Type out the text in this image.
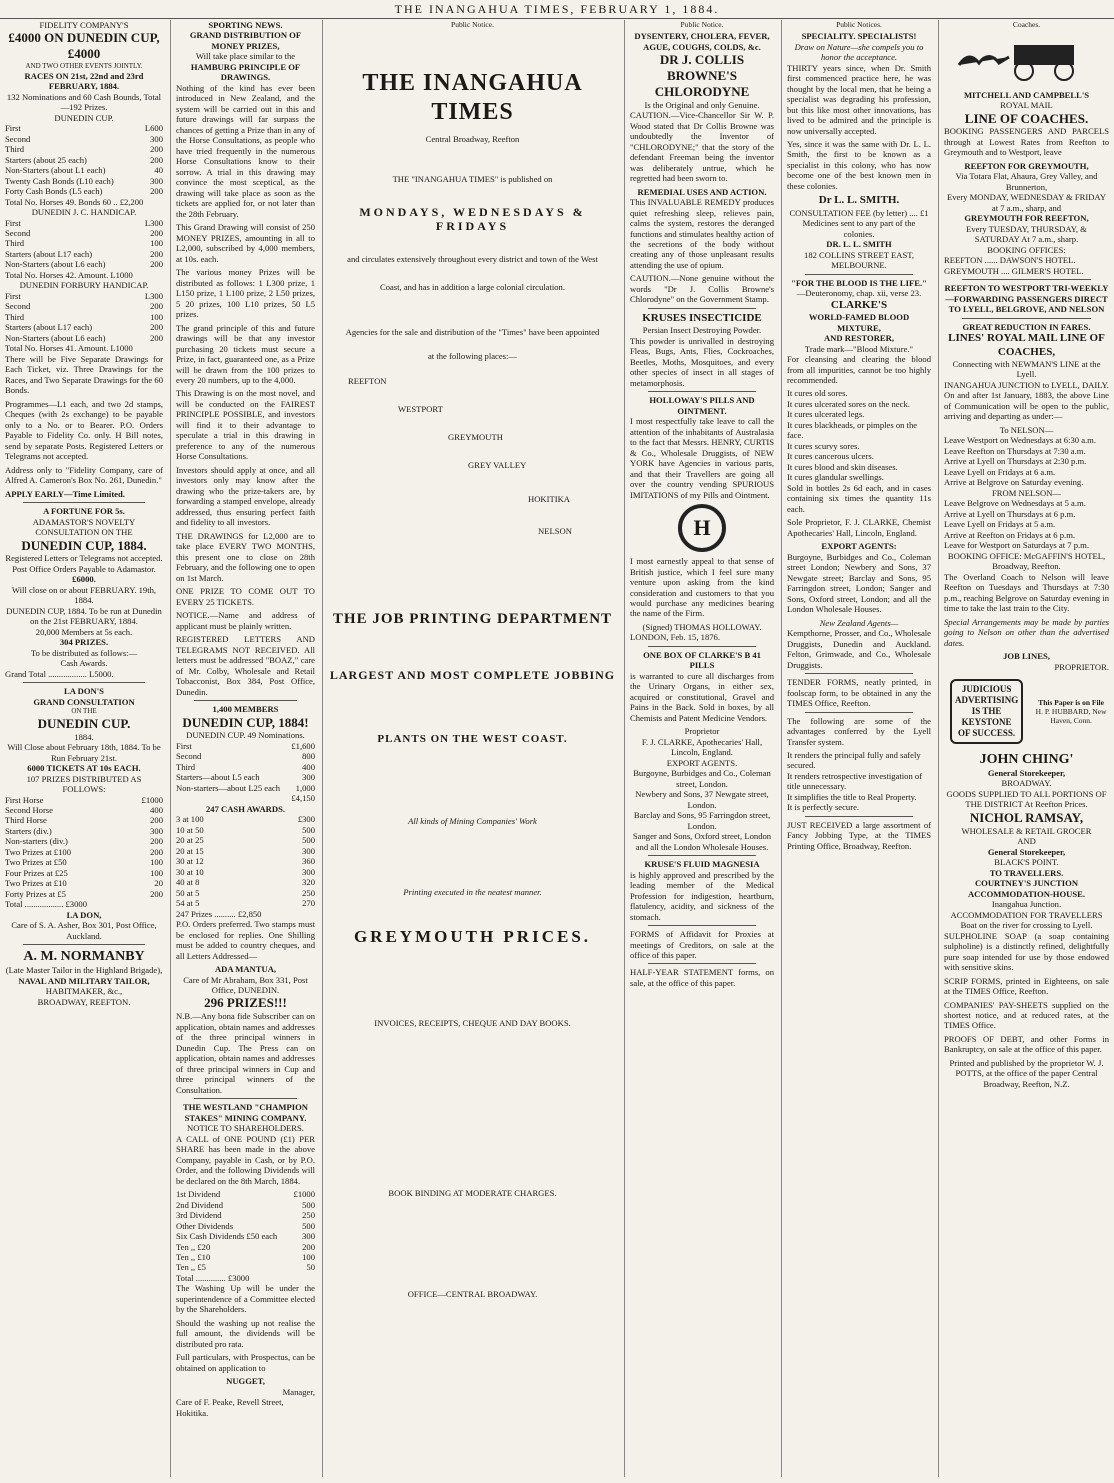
THE INANGAHUA TIMES, FEBRUARY 1, 1884.
FIDELITY COMPANY'S
£4000 ON DUNEDIN CUP, £4000
AND TWO OTHER EVENTS JOINTLY.
RACES ON 21st, 22nd and 23rd FEBRUARY, 1884.
132 Nominations and 60 Cash Bounds, Total—192 Prizes.
DUNEDIN CUP.
First	L600
Second	300
Third	200
Starters (about 25 each)	200
Non-Starters (about L1 each)	40
Twenty Cash Bonds (L10 each)	300
Forty Cash Bonds (L5 each)	200
Total No. Horses 49. Bonds 60 .. £2,200
DUNEDIN J. C. HANDICAP.
First	L300
Second	200
Third	100
Starters (about L17 each)	200
Non-Starters (about L6 each)	200
Total No. Horses 42. Amount. L1000
DUNEDIN FORBURY HANDICAP.
First	L300
Second	200
Third	100
Starters (about L17 each)	200
Non-Starters (about L6 each)	200
Total No. Horses 41. Amount. L1000

There will be Five Separate Drawings for Each Ticket, viz. Three Drawings for the Races, and Two Separate Drawings for the 60 Bonds.

Programmes—L1 each, and two 2d stamps, Cheques (with 2s exchange) to be payable only to a No. or to Bearer. P.O. Orders Payable to Fidelity Co. only. H Bill notes, send by separate Posts. Registered Letters or Telegrams not accepted.

Address only to "Fidelity Company, care of Alfred A. Cameron's Box No. 261, Dunedin."

APPLY EARLY—Time Limited.
A FORTUNE FOR 5s.
ADAMASTOR'S NOVELTY CONSULTATION ON THE
DUNEDIN CUP, 1884.
Registered Letters or Telegrams not accepted.
Post Office Orders Payable to Adamastor.
£6000.
Will close on or about FEBRUARY. 19th, 1884.
DUNEDIN CUP, 1884. To be run at Dunedin on the 21st FEBRUARY, 1884.
20,000 Members at 5s each.
304 PRIZES.
To be distributed as follows:—
Cash Awards.
Grand Total .................. L5000.
LA DON'S
GRAND CONSULTATION
ON THE
DUNEDIN CUP.
1884.
Will Close about February 18th, 1884. To be Run February 21st.
6000 TICKETS AT 10s EACH.
107 PRIZES DISTRIBUTED AS FOLLOWS:
First Horse	£1000
Second Horse	400
Third Horse	200
Starters (div.)	300
Non-starters (div.)	200
Two Prizes at £100	200
Two Prizes at £50	100
Four Prizes at £25	100
Two Prizes at £10	20
Forty Prizes at £5	200
Total .................. £3000
LA DON,
Care of S. A. Asher, Box 301, Post Office, Auckland.
A. M. NORMANBY
(Late Master Tailor in the Highland Brigade),
NAVAL AND MILITARY TAILOR,
HABITMAKER, &c.,
BROADWAY, REEFTON.
SPORTING NEWS.
GRAND DISTRIBUTION OF MONEY PRIZES,
Will take place similar to the
HAMBURG PRINCIPLE OF DRAWINGS.

Nothing of the kind has ever been introduced in New Zealand, and the system will be carried out in this and future drawings will far surpass the chances of getting a Prize than in any of the Horse Consultations, as people who have tried frequently in the numerous Horse Consultations know to their sorrow. A trial in this drawing may convince the most sceptical, as the drawing will take place as soon as the tickets are applied for, or not later than the 28th February.

This Grand Drawing will consist of 250 MONEY PRIZES, amounting in all to L2,000, subscribed by 4,000 members, at 10s. each.

The various money Prizes will be distributed as follows: 1 L300 prize, 1 L150 prize, 1 L100 prize, 2 L50 prizes, 5 20 prizes, 100 L10 prizes, 50 L5 prizes.

The grand principle of this and future drawings will be that any investor purchasing 20 tickets must secure a Prize, in fact, guaranteed one, as a Prize will be drawn from the 100 prizes to every 20 numbers, up to the 4,000.

This Drawing is on the most novel, and will be conducted on the FAIREST PRINCIPLE POSSIBLE, and investors will find it to their advantage to speculate a trial in this drawing in preference to any of the numerous Horse Consultations.

Investors should apply at once, and all investors only may know after the drawing who the prize-takers are, by forwarding a stamped envelope, already addressed, thus ensuring perfect faith and fidelity to all investors.

THE DRAWINGS for L2,000 are to take place EVERY TWO MONTHS, this present one to close on 28th February, and the following one to open on 1st March.

ONE PRIZE TO COME OUT TO EVERY 25 TICKETS.

NOTICE.—Name and address of applicant must be plainly written.

REGISTERED LETTERS AND TELEGRAMS NOT RECEIVED. All letters must be addressed "BOAZ," care of Mr. Colby, Wholesale and Retail Tobacconist, Box 384, Post Office, Dunedin.

1,400 MEMBERS
DUNEDIN CUP, 1884!
DUNEDIN CUP. 49 Nominations.
First	£1,600
Second	800
Third	400
Starters—about L5 each	300
Non-starters—about L25 each 1,000
£4,150
247 CASH AWARDS.
3 at 100	£300
10 at 50	500
20 at 25	500
20 at 15	300
30 at 12	360
30 at 10	300
40 at 8	320
50 at 5	250
54 at 5	270
247 Prizes .......... £2,850

P.O. Orders preferred. Two stamps must be enclosed for replies. One Shilling must be added to country cheques, and all Letters Addressed—

ADA MANTUA,
Care of Mr Abraham, Box 331, Post Office, DUNEDIN.
296 PRIZES!!!

N.B.—Any bona fide Subscriber can on application, obtain names and addresses of the three principal winners in Dunedin Cup. The Press can on application, obtain names and addresses of three principal winners in Cup and three principal winners of the Consultation.

THE WESTLAND "CHAMPION STAKES" MINING COMPANY.
NOTICE TO SHAREHOLDERS.

A CALL of ONE POUND (£1) PER SHARE has been made in the above Company, payable in Cash, or by P.O. Order, and the following Dividends will be declared on the 8th March, 1884.

1st Dividend	£1000
2nd Dividend	500
3rd Dividend	250
Other Dividends	500
Six Cash Dividends £50 each	300
Ten ,, £20	200
Ten ,, £10	100
Ten ,, £5	50
Total .............. £3000

The Washing Up will be under the superintendence of a Committee elected by the Shareholders.

Should the washing up not realise the full amount, the dividends will be distributed pro rata.

Full particulars, with Prospectus, can be obtained on application to

NUGGET,
Manager,
Care of F. Peake, Revell Street, Hokitika.
Public Notice.
THE INANGAHUA TIMES
Central Broadway, Reefton
THE "INANGAHUA TIMES" is published on
MONDAYS, WEDNESDAYS & FRIDAYS
and circulates extensively throughout every district and town of the West
Coast, and has in addition a large colonial circulation.
Agencies for the sale and distribution of the "Times" have been appointed
at the following places:—
REEFTON
WESTPORT
GREYMOUTH
GREY VALLEY
HOKITIKA
NELSON
THE JOB PRINTING DEPARTMENT
LARGEST AND MOST COMPLETE JOBBING
PLANTS ON THE WEST COAST.
All kinds of Mining Companies' Work
Printing executed in the neatest manner.
GREYMOUTH PRICES.
INVOICES, RECEIPTS, CHEQUE AND DAY BOOKS.
BOOK BINDING AT MODERATE CHARGES.
OFFICE—CENTRAL BROADWAY.
Public Notice.
DYSENTERY, CHOLERA, FEVER, AGUE, COUGHS, COLDS, &c.
DR J. COLLIS BROWNE'S CHLORODYNE
Is the Original and only Genuine.

CAUTION.—Vice-Chancellor Sir W. P. Wood stated that Dr Collis Browne was undoubtedly the Inventor of "CHLORODYNE;" that the story of the defendant Freeman being the inventor was deliberately untrue, which he regretted had been sworn to.

REMEDIAL USES AND ACTION.

This INVALUABLE REMEDY produces quiet refreshing sleep, relieves pain, calms the system, restores the deranged functions and stimulates healthy action of the secretions of the body without creating any of those unpleasant results attending the use of opium.

CAUTION.—None genuine without the words "Dr J. Collis Browne's Chlorodyne" on the Government Stamp.

KRUSES INSECTICIDE
Persian Insect Destroying Powder.

This powder is unrivalled in destroying Fleas, Bugs, Ants, Flies, Cockroaches, Beetles, Moths, Mosquitoes, and every other species of insect in all stages of metamorphosis.

HOLLOWAY'S PILLS AND OINTMENT.

I most respectfully take leave to call the attention of the inhabitants of Australasia to the fact that Messrs. HENRY, CURTIS & Co., Wholesale Druggists, of NEW YORK have Agencies in various parts, and that their Travellers are going all over the country vending SPURIOUS IMITATIONS of my Pills and Ointment.

H

I most earnestly appeal to that sense of British justice, which I feel sure many venture upon asking from the kind consideration and customers to that you would purchase any medicines bearing the name of the Firm.

(Signed) THOMAS HOLLOWAY.
LONDON, Feb. 15, 1876.
ONE BOX OF CLARKE'S B 41 PILLS

is warranted to cure all discharges from the Urinary Organs, in either sex, acquired or constitutional, Gravel and Pains in the Back. Sold in boxes, by all Chemists and Patent Medicine Vendors.

Proprietor
F. J. CLARKE, Apothecaries' Hall, Lincoln, England.
EXPORT AGENTS.
Burgoyne, Burbidges and Co., Coleman street, London.
Newbery and Sons, 37 Newgate street, London.
Barclay and Sons, 95 Farringdon street, London.
Sanger and Sons, Oxford street, London and all the London Wholesale Houses.
KRUSE'S FLUID MAGNESIA

is highly approved and prescribed by the leading member of the Medical Profession for indigestion, heartburn, flatulency, acidity, and sickness of the stomach.

FORMS of Affidavit for Proxies at meetings of Creditors, on sale at the office of this paper.

HALF-YEAR STATEMENT forms, on sale, at the office of this paper.

Public Notices.
SPECIALITY. SPECIALISTS!
Draw on Nature—she compels you to honor the acceptance.

THIRTY years since, when Dr. Smith first commenced practice here, he was thought by the local men, that he being a specialist was degrading his profession, but this like most other innovations, has lived to be admired and the principle is now universally accepted.

Yes, since it was the same with Dr. L. L. Smith, the first to be known as a specialist in this colony, who has now become one of the best known men in these colonies.

Dr L. L. SMITH.
CONSULTATION FEE (by letter) .... £1
Medicines sent to any part of the colonies.
DR. L. L. SMITH
182 COLLINS STREET EAST, MELBOURNE.
"FOR THE BLOOD IS THE LIFE."
—Deuteronomy, chap. xii, verse 23.
CLARKE'S
WORLD-FAMED BLOOD MIXTURE,
AND RESTORER,
Trade mark—"Blood Mixture."

For cleansing and clearing the blood from all impurities, cannot be too highly recommended.

It cures old sores.
It cures ulcerated sores on the neck.
It cures ulcerated legs.
It cures blackheads, or pimples on the face.
It cures scurvy sores.
It cures cancerous ulcers.
It cures blood and skin diseases.
It cures glandular swellings.

Sold in bottles 2s 6d each, and in cases containing six times the quantity 11s each.

Sole Proprietor, F. J. CLARKE, Chemist Apothecaries' Hall, Lincoln, England.

EXPORT AGENTS:

Burgoyne, Burbidges and Co., Coleman street London; Newbery and Sons, 37 Newgate street; Barclay and Sons, 95 Farringdon street, London; Sanger and Sons, Oxford street, London; and all the London Wholesale Houses.

New Zealand Agents—

Kempthorne, Prosser, and Co., Wholesale Druggists, Dunedin and Auckland. Felton, Grimwade, and Co., Wholesale Druggists.

TENDER FORMS, neatly printed, in foolscap form, to be obtained in any the TIMES Office, Reefton.

The following are some of the advantages conferred by the Lyell Transfer system.

It renders the principal fully and safely secured.
It renders retrospective investigation of title unnecessary.
It simplifies the title to Real Property.
It is perfectly secure.

JUST RECEIVED a large assortment of Fancy Jobbing Type, at the TIMES Printing Office, Broadway, Reefton.

Coaches.
MITCHELL AND CAMPBELL'S
ROYAL MAIL
LINE OF COACHES.

BOOKING PASSENGERS AND PARCELS through at Lowest Rates from Reefton to Greymouth and to Westport, leave

REEFTON FOR GREYMOUTH,
Via Totara Flat, Ahaura, Grey Valley, and Brunnerton,
Every MONDAY, WEDNESDAY & FRIDAY at 7 a.m., sharp, and
GREYMOUTH FOR REEFTON,
Every TUESDAY, THURSDAY, & SATURDAY At 7 a.m., sharp.
BOOKING OFFICES:
REEFTON ...... DAWSON'S HOTEL.
GREYMOUTH .... GILMER'S HOTEL.
REEFTON TO WESTPORT TRI-WEEKLY—FORWARDING PASSENGERS DIRECT TO LYELL, BELGROVE, AND NELSON
GREAT REDUCTION IN FARES.
LINES' ROYAL MAIL LINE OF COACHES,
Connecting with NEWMAN'S LINE at the Lyell.
INANGAHUA JUNCTION to LYELL, DAILY.

On and after 1st January, 1883, the above Line of Communication will be open to the public, arriving and departing as under:—

To NELSON—
Leave Westport on Wednesdays at 6:30 a.m.
Leave Reefton on Thursdays at 7:30 a.m.
Arrive at Lyell on Thursdays at 2:30 p.m.
Leave Lyell on Fridays at 6 a.m.
Arrive at Belgrove on Saturday evening.
FROM NELSON—
Leave Belgrove on Wednesdays at 5 a.m.
Arrive at Lyell on Thursdays at 6 p.m.
Leave Lyell on Fridays at 5 a.m.
Arrive at Reefton on Fridays at 6 p.m.
Leave for Westport on Saturdays at 7 p.m.
BOOKING OFFICE: McGAFFIN'S HOTEL, Broadway, Reefton.

The Overland Coach to Nelson will leave Reefton on Tuesdays and Thursdays at 7:30 p.m., reaching Belgrove on Saturday evening in time to take the last train to the City.

Special Arrangements may be made by parties going to Nelson on other than the advertised dates.

JOB LINES,
PROPRIETOR.
JUDICIOUS ADVERTISING
IS THE KEYSTONE OF SUCCESS.
This Paper is on File
H. P. HUBBARD, New Haven, Conn.
JOHN CHING'
General Storekeeper,
BROADWAY.
GOODS SUPPLIED TO ALL PORTIONS OF THE DISTRICT At Reefton Prices.
NICHOL RAMSAY,
WHOLESALE & RETAIL GROCER
AND
General Storekeeper,
BLACK'S POINT.
TO TRAVELLERS.
COURTNEY'S JUNCTION ACCOMMODATION-HOUSE.
Inangahua Junction.
ACCOMMODATION FOR TRAVELLERS
Boat on the river for crossing to Lyell.

SULPHOLINE SOAP (a soap containing sulpholine) is a distinctly refined, delightfully pure soap intended for use by those endowed with sensitive skins.

SCRIP FORMS, printed in Eighteens, on sale at the TIMES Office, Reefton.

COMPANIES' PAY-SHEETS supplied on the shortest notice, and at reduced rates, at the TIMES Office.

PROOFS OF DEBT, and other Forms in Bankruptcy, on sale at the office of this paper.

Printed and published by the proprietor W. J. POTTS, at the office of the paper Central Broadway, Reefton, N.Z.
